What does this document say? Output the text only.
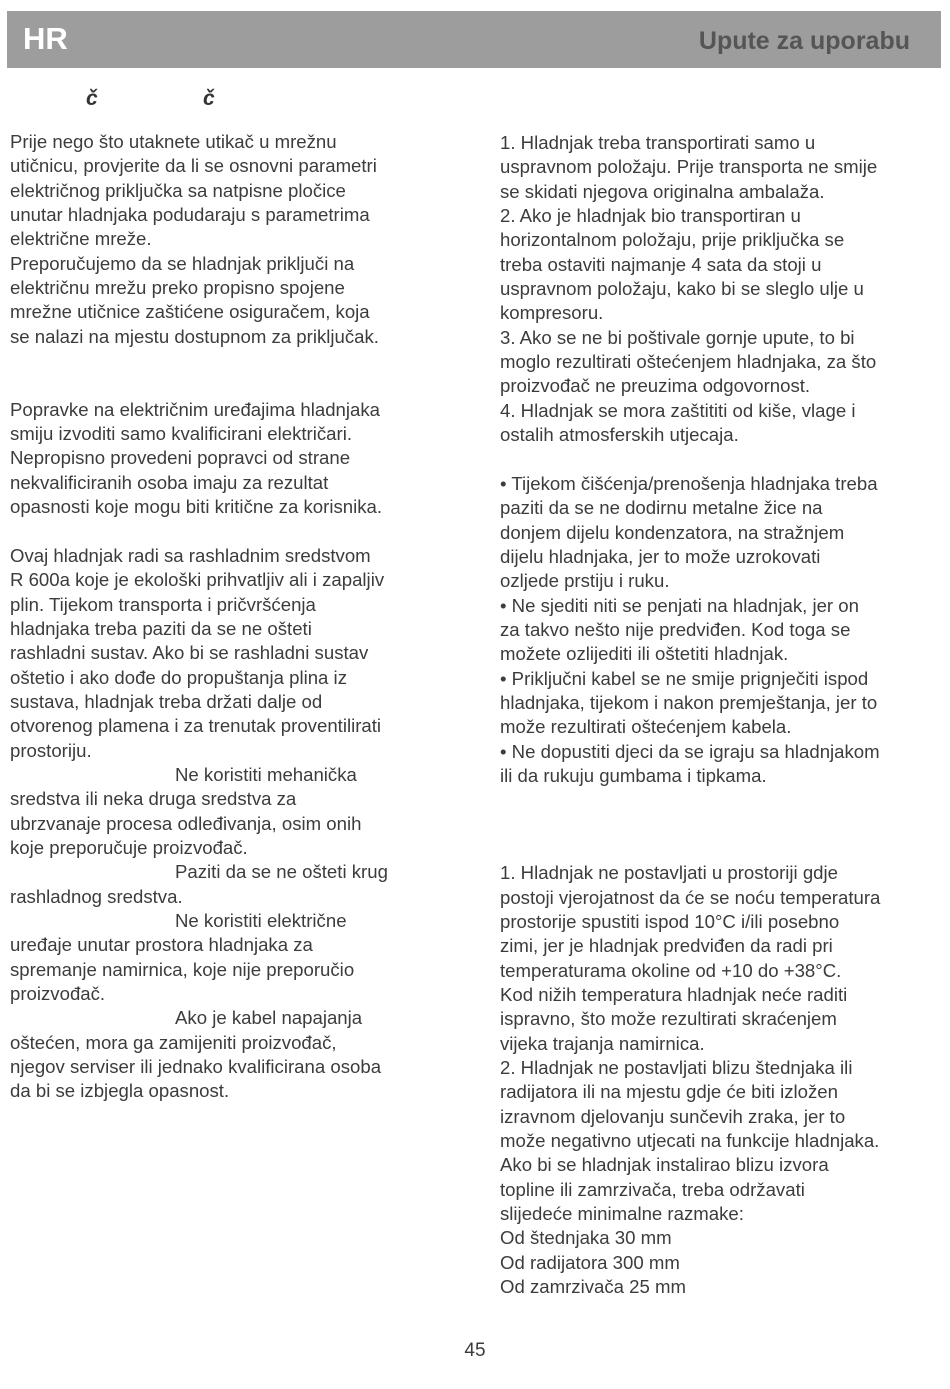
HR	Upute za uporabu
č	č
Prije nego što utaknete utikač u mrežnu
utičnicu, provjerite da li se osnovni parametri
električnog priključka sa natpisne pločice
unutar hladnjaka podudaraju s parametrima
električne mreže.
Preporučujemo da se hladnjak priključi na
električnu mrežu preko propisno spojene
mrežne utičnice zaštićene osiguračem, koja
se nalazi na mjestu dostupnom za priključak.
Popravke na električnim uređajima hladnjaka
smiju izvoditi samo kvalificirani električari.
Nepropisno provedeni popravci od strane
nekvalificiranih osoba imaju za rezultat
opasnosti koje mogu biti kritične za korisnika.
Ovaj hladnjak radi sa rashladnim sredstvom
R 600a koje je ekološki prihvatljiv ali i zapaljiv
plin. Tijekom transporta i pričvršćenja
hladnjaka treba paziti da se ne ošteti
rashladni sustav. Ako bi se rashladni sustav
oštetio i ako dođe do propuštanja plina iz
sustava, hladnjak treba držati dalje od
otvorenog plamena i za trenutak proventilirati
prostoriju.
Ne koristiti mehanička
sredstva ili neka druga sredstva za
ubrzvanaje procesa odleđivanja, osim onih
koje preporučuje proizvođač.
Paziti da se ne ošteti krug
rashladnog sredstva.
Ne koristiti električne
uređaje unutar prostora hladnjaka za
spremanje namirnica, koje nije preporučio
proizvođač.
Ako je kabel napajanja
oštećen, mora ga zamijeniti proizvođač,
njegov serviser ili jednako kvalificirana osoba
da bi se izbjegla opasnost.
1. Hladnjak treba transportirati samo u
uspravnom položaju. Prije transporta ne smije
se skidati njegova originalna ambalaža.
2. Ako je hladnjak bio transportiran u
horizontalnom položaju, prije priključka se
treba ostaviti najmanje 4 sata da stoji u
uspravnom položaju, kako bi se sleglo ulje u
kompresoru.
3. Ako se ne bi poštivale gornje upute, to bi
moglo rezultirati oštećenjem hladnjaka, za što
proizvođač ne preuzima odgovornost.
4. Hladnjak se mora zaštititi od kiše, vlage i
ostalih atmosferskih utjecaja.
• Tijekom čišćenja/prenošenja hladnjaka treba
paziti da se ne dodirnu metalne žice na
donjem dijelu kondenzatora, na stražnjem
dijelu hladnjaka, jer to može uzrokovati
ozljede prstiju i ruku.
• Ne sjediti niti se penjati na hladnjak, jer on
za takvo nešto nije predviđen. Kod toga se
možete ozlijediti ili oštetiti hladnjak.
• Priključni kabel se ne smije prignječiti ispod
hladnjaka, tijekom i nakon premještanja, jer to
može rezultirati oštećenjem kabela.
• Ne dopustiti djeci da se igraju sa hladnjakom
ili da rukuju gumbama i tipkama.
1. Hladnjak ne postavljati u prostoriji gdje
postoji vjerojatnost da će se noću temperatura
prostorije spustiti ispod 10°C i/ili posebno
zimi, jer je hladnjak predviđen da radi pri
temperaturama okoline od +10 do +38°C.
Kod nižih temperatura hladnjak neće raditi
ispravno, što može rezultirati skraćenjem
vijeka trajanja namirnica.
2. Hladnjak ne postavljati blizu štednjaka ili
radijatora ili na mjestu gdje će biti izložen
izravnom djelovanju sunčevih zraka, jer to
može negativno utjecati na funkcije hladnjaka.
Ako bi se hladnjak instalirao blizu izvora
topline ili zamrzivača, treba održavati
slijedeće minimalne razmake:
Od štednjaka 30 mm
Od radijatora 300 mm
Od zamrzivača 25 mm
45
